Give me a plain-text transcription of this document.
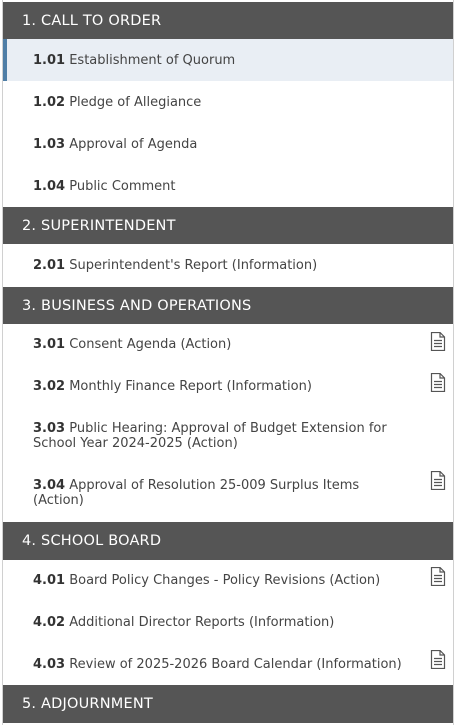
1. CALL TO ORDER
1.01 Establishment of Quorum
1.02 Pledge of Allegiance
1.03 Approval of Agenda
1.04 Public Comment
2. SUPERINTENDENT
2.01 Superintendent's Report (Information)
3. BUSINESS AND OPERATIONS
3.01 Consent Agenda (Action)
3.02 Monthly Finance Report (Information)
3.03 Public Hearing: Approval of Budget Extension for School Year 2024-2025 (Action)
3.04 Approval of Resolution 25-009 Surplus Items (Action)
4. SCHOOL BOARD
4.01 Board Policy Changes - Policy Revisions (Action)
4.02 Additional Director Reports (Information)
4.03 Review of 2025-2026 Board Calendar (Information)
5. ADJOURNMENT
